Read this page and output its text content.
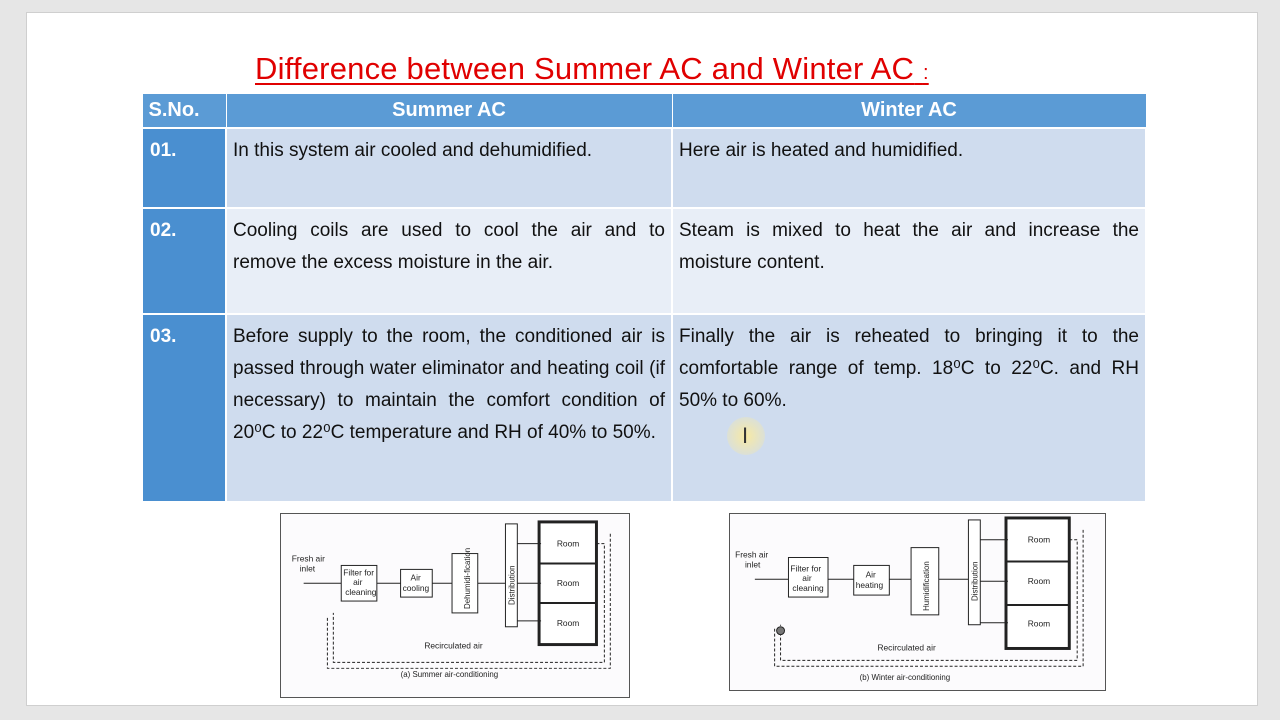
Difference between Summer AC and Winter AC :
S.No.	Summer AC	Winter AC
01.	In this system air cooled and dehumidified.	Here air is heated and humidified.
02.	Cooling coils are used to cool the air and to remove the excess moisture in the air.	Steam is mixed to heat the air and increase the moisture content.
03.	Before supply to the room, the conditioned air is passed through water eliminator and heating coil (if necessary) to maintain the comfort condition of 20⁰C to 22⁰C temperature and RH of 40% to 50%.	Finally the air is reheated to bringing it to the comfortable range of temp. 18⁰C to 22⁰C. and RH 50% to 60%.
Fresh air
inlet	Filter for
air
cleaning
Air
cooling	Dehumidi-fication	Distribution
Room
Room
Room
Recirculated air
(a) Summer air-conditioning
Fresh air
inlet	Filter for
air
cleaning
Air
heating	Humidification	Distribution
Room
Room
Room
Recirculated air
(b) Winter air-conditioning
I
